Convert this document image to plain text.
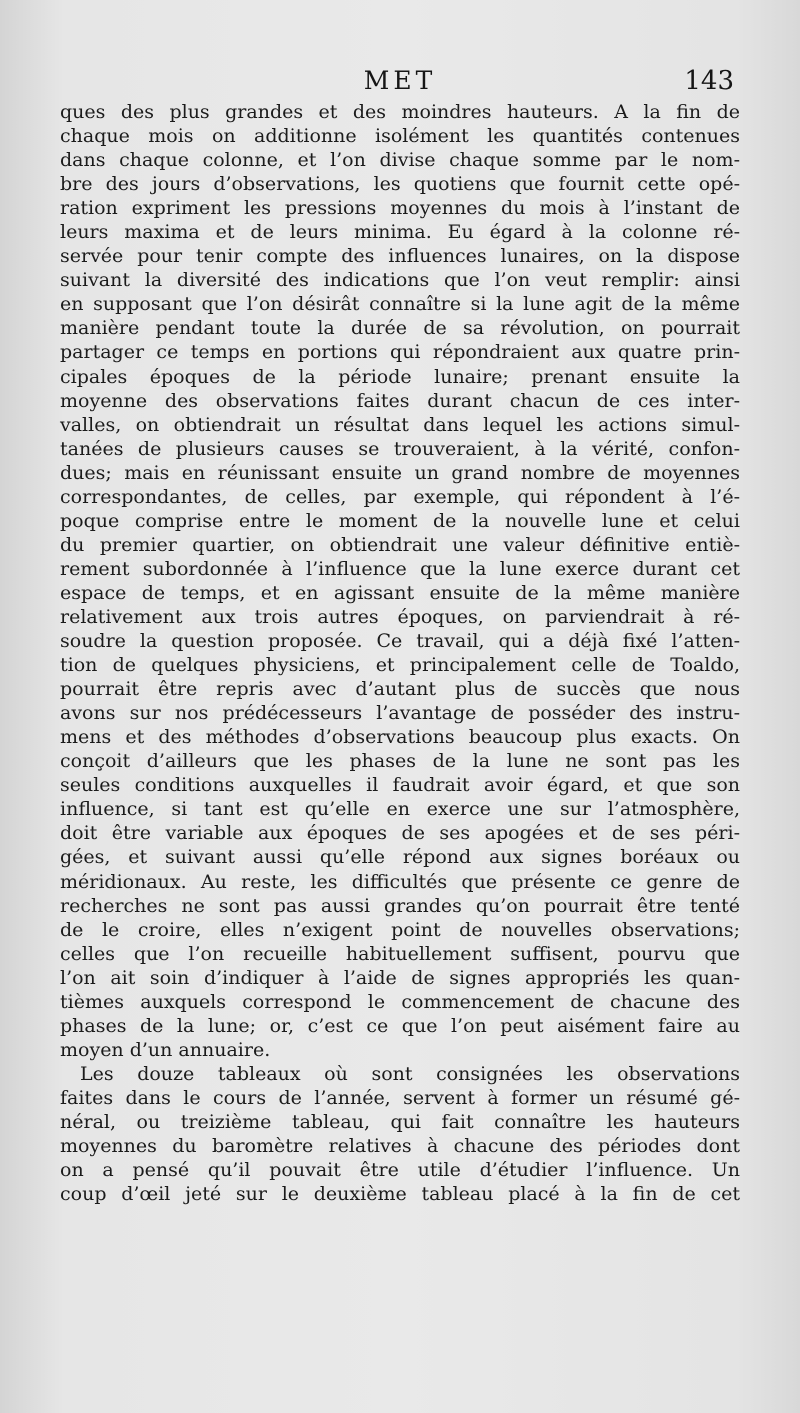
MET	143
ques des plus grandes et des moindres hauteurs. A la fin de
chaque mois on additionne isolément les quantités contenues
dans chaque colonne, et l’on divise chaque somme par le nom-
bre des jours d’observations, les quotiens que fournit cette opé-
ration expriment les pressions moyennes du mois à l’instant de
leurs maxima et de leurs minima. Eu égard à la colonne ré-
servée pour tenir compte des influences lunaires, on la dispose
suivant la diversité des indications que l’on veut remplir: ainsi
en supposant que l’on désirât connaître si la lune agit de la même
manière pendant toute la durée de sa révolution, on pourrait
partager ce temps en portions qui répondraient aux quatre prin-
cipales époques de la période lunaire; prenant ensuite la
moyenne des observations faites durant chacun de ces inter-
valles, on obtiendrait un résultat dans lequel les actions simul-
tanées de plusieurs causes se trouveraient, à la vérité, confon-
dues; mais en réunissant ensuite un grand nombre de moyennes
correspondantes, de celles, par exemple, qui répondent à l’é-
poque comprise entre le moment de la nouvelle lune et celui
du premier quartier, on obtiendrait une valeur définitive entiè-
rement subordonnée à l’influence que la lune exerce durant cet
espace de temps, et en agissant ensuite de la même manière
relativement aux trois autres époques, on parviendrait à ré-
soudre la question proposée. Ce travail, qui a déjà fixé l’atten-
tion de quelques physiciens, et principalement celle de Toaldo,
pourrait être repris avec d’autant plus de succès que nous
avons sur nos prédécesseurs l’avantage de posséder des instru-
mens et des méthodes d’observations beaucoup plus exacts. On
conçoit d’ailleurs que les phases de la lune ne sont pas les
seules conditions auxquelles il faudrait avoir égard, et que son
influence, si tant est qu’elle en exerce une sur l’atmosphère,
doit être variable aux époques de ses apogées et de ses péri-
gées, et suivant aussi qu’elle répond aux signes boréaux ou
méridionaux. Au reste, les difficultés que présente ce genre de
recherches ne sont pas aussi grandes qu’on pourrait être tenté
de le croire, elles n’exigent point de nouvelles observations;
celles que l’on recueille habituellement suffisent, pourvu que
l’on ait soin d’indiquer à l’aide de signes appropriés les quan-
tièmes auxquels correspond le commencement de chacune des
phases de la lune; or, c’est ce que l’on peut aisément faire au
moyen d’un annuaire.
Les douze tableaux où sont consignées les observations
faites dans le cours de l’année, servent à former un résumé gé-
néral, ou treizième tableau, qui fait connaître les hauteurs
moyennes du baromètre relatives à chacune des périodes dont
on a pensé qu’il pouvait être utile d’étudier l’influence. Un
coup d’œil jeté sur le deuxième tableau placé à la fin de cet
